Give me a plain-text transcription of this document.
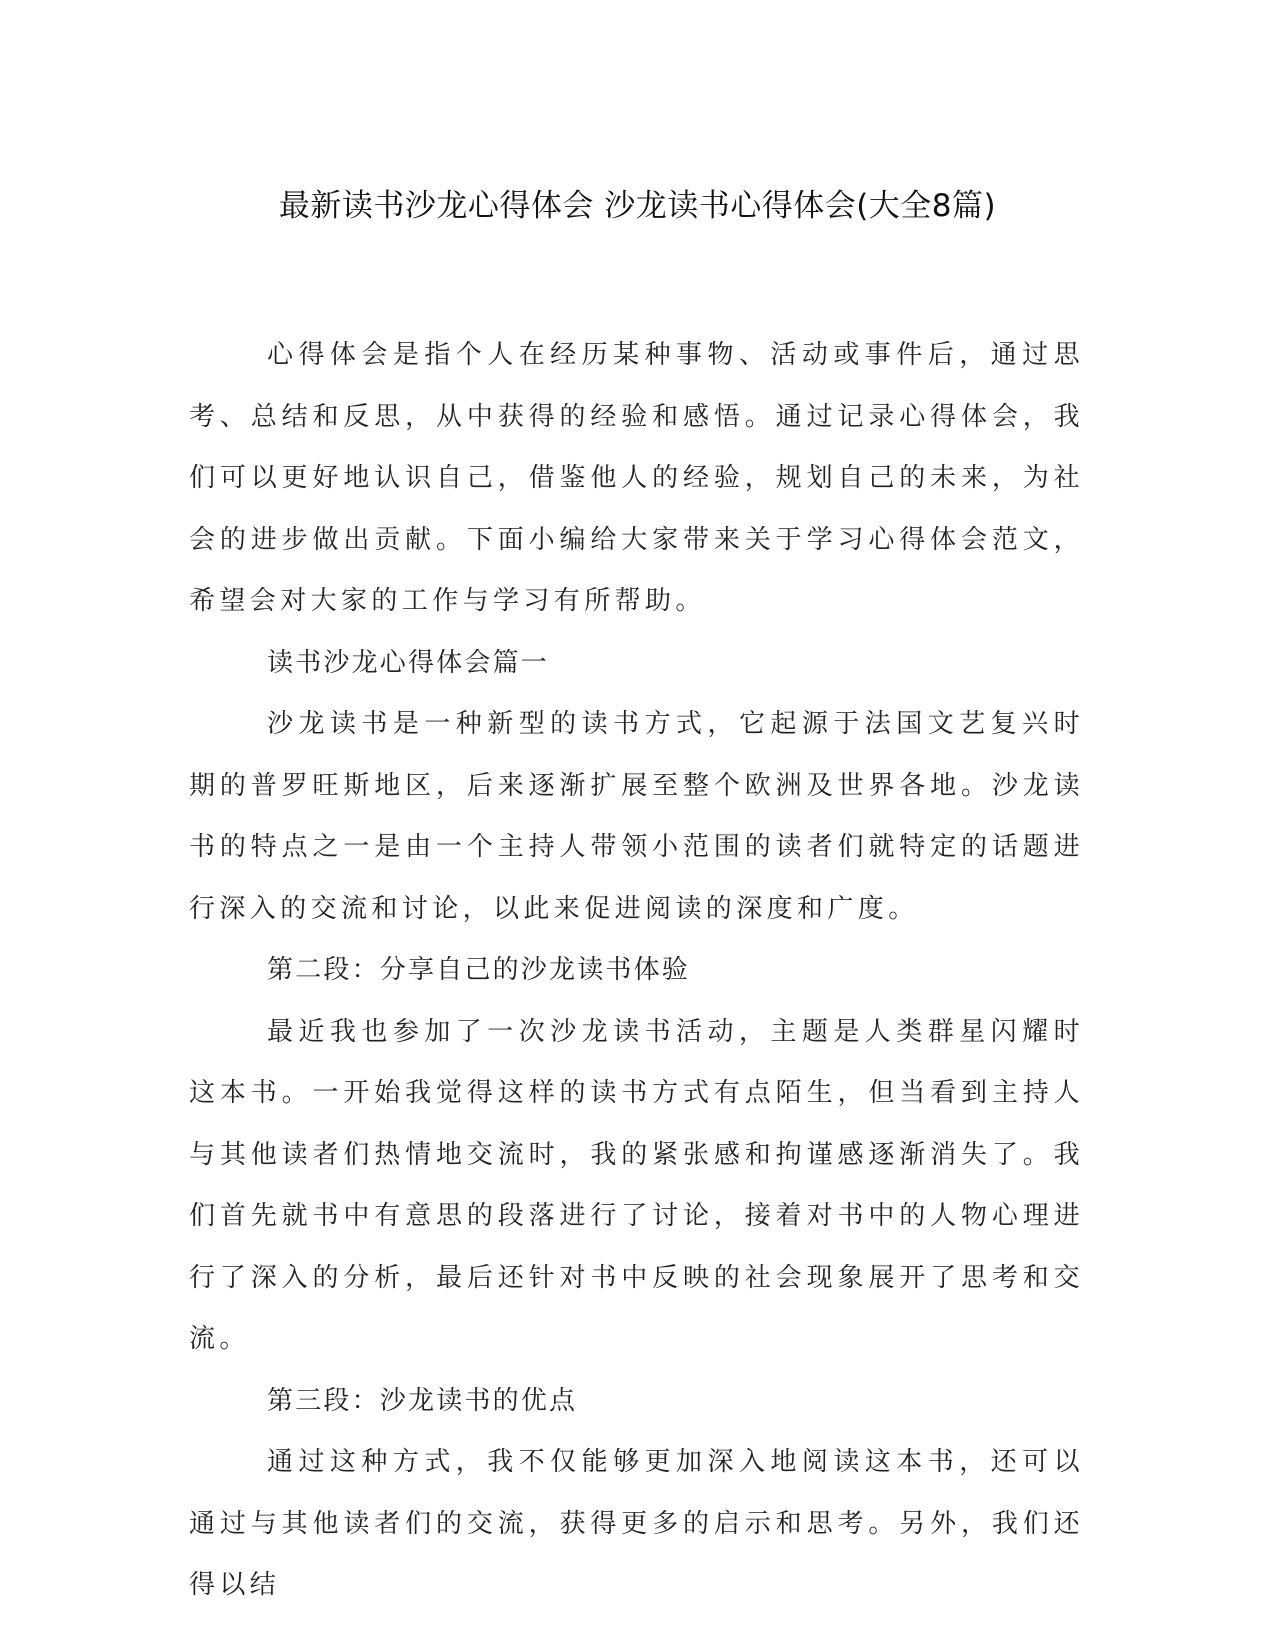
最新读书沙龙心得体会 沙龙读书心得体会(大全8篇)

心得体会是指个人在经历某种事物、活动或事件后，通过思考、总结和反思，从中获得的经验和感悟。通过记录心得体会，我们可以更好地认识自己，借鉴他人的经验，规划自己的未来，为社会的进步做出贡献。下面小编给大家带来关于学习心得体会范文，希望会对大家的工作与学习有所帮助。

读书沙龙心得体会篇一

沙龙读书是一种新型的读书方式，它起源于法国文艺复兴时期的普罗旺斯地区，后来逐渐扩展至整个欧洲及世界各地。沙龙读书的特点之一是由一个主持人带领小范围的读者们就特定的话题进行深入的交流和讨论，以此来促进阅读的深度和广度。

第二段：分享自己的沙龙读书体验

最近我也参加了一次沙龙读书活动，主题是人类群星闪耀时这本书。一开始我觉得这样的读书方式有点陌生，但当看到主持人与其他读者们热情地交流时，我的紧张感和拘谨感逐渐消失了。我们首先就书中有意思的段落进行了讨论，接着对书中的人物心理进行了深入的分析，最后还针对书中反映的社会现象展开了思考和交流。

第三段：沙龙读书的优点

通过这种方式，我不仅能够更加深入地阅读这本书，还可以通过与其他读者们的交流，获得更多的启示和思考。另外，我们还得以结
